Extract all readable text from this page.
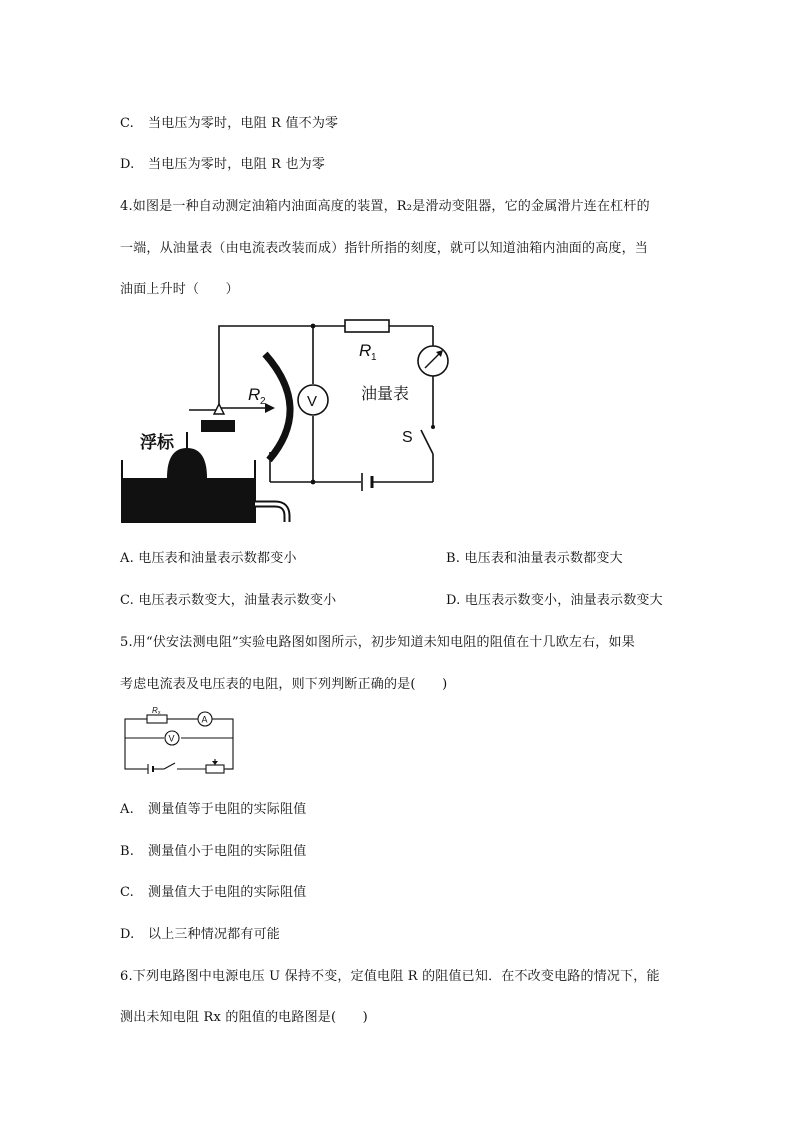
C. 当电压为零时，电阻 R 值不为零
D. 当电压为零时，电阻 R 也为零
4.如图是一种自动测定油箱内油面高度的装置，R₂是滑动变阻器，它的金属滑片连在杠杆的
一端，从油量表（由电流表改装而成）指针所指的刻度，就可以知道油箱内油面的高度，当
油面上升时（　　）
R 1
R 2	V	油量表
S
浮标
A. 电压表和油量表示数都变小	B. 电压表和油量表示数都变大
C. 电压表示数变大，油量表示数变小	D. 电压表示数变小，油量表示数变大
5.用“伏安法测电阻”实验电路图如图所示，初步知道未知电阻的阻值在十几欧左右，如果
考虑电流表及电压表的电阻，则下列判断正确的是(　　)
R x
A
V
A. 测量值等于电阻的实际阻值
B. 测量值小于电阻的实际阻值
C. 测量值大于电阻的实际阻值
D. 以上三种情况都有可能
6.下列电路图中电源电压 U 保持不变，定值电阻 R 的阻值已知．在不改变电路的情况下，能
测出未知电阻 Rx 的阻值的电路图是(　　)
